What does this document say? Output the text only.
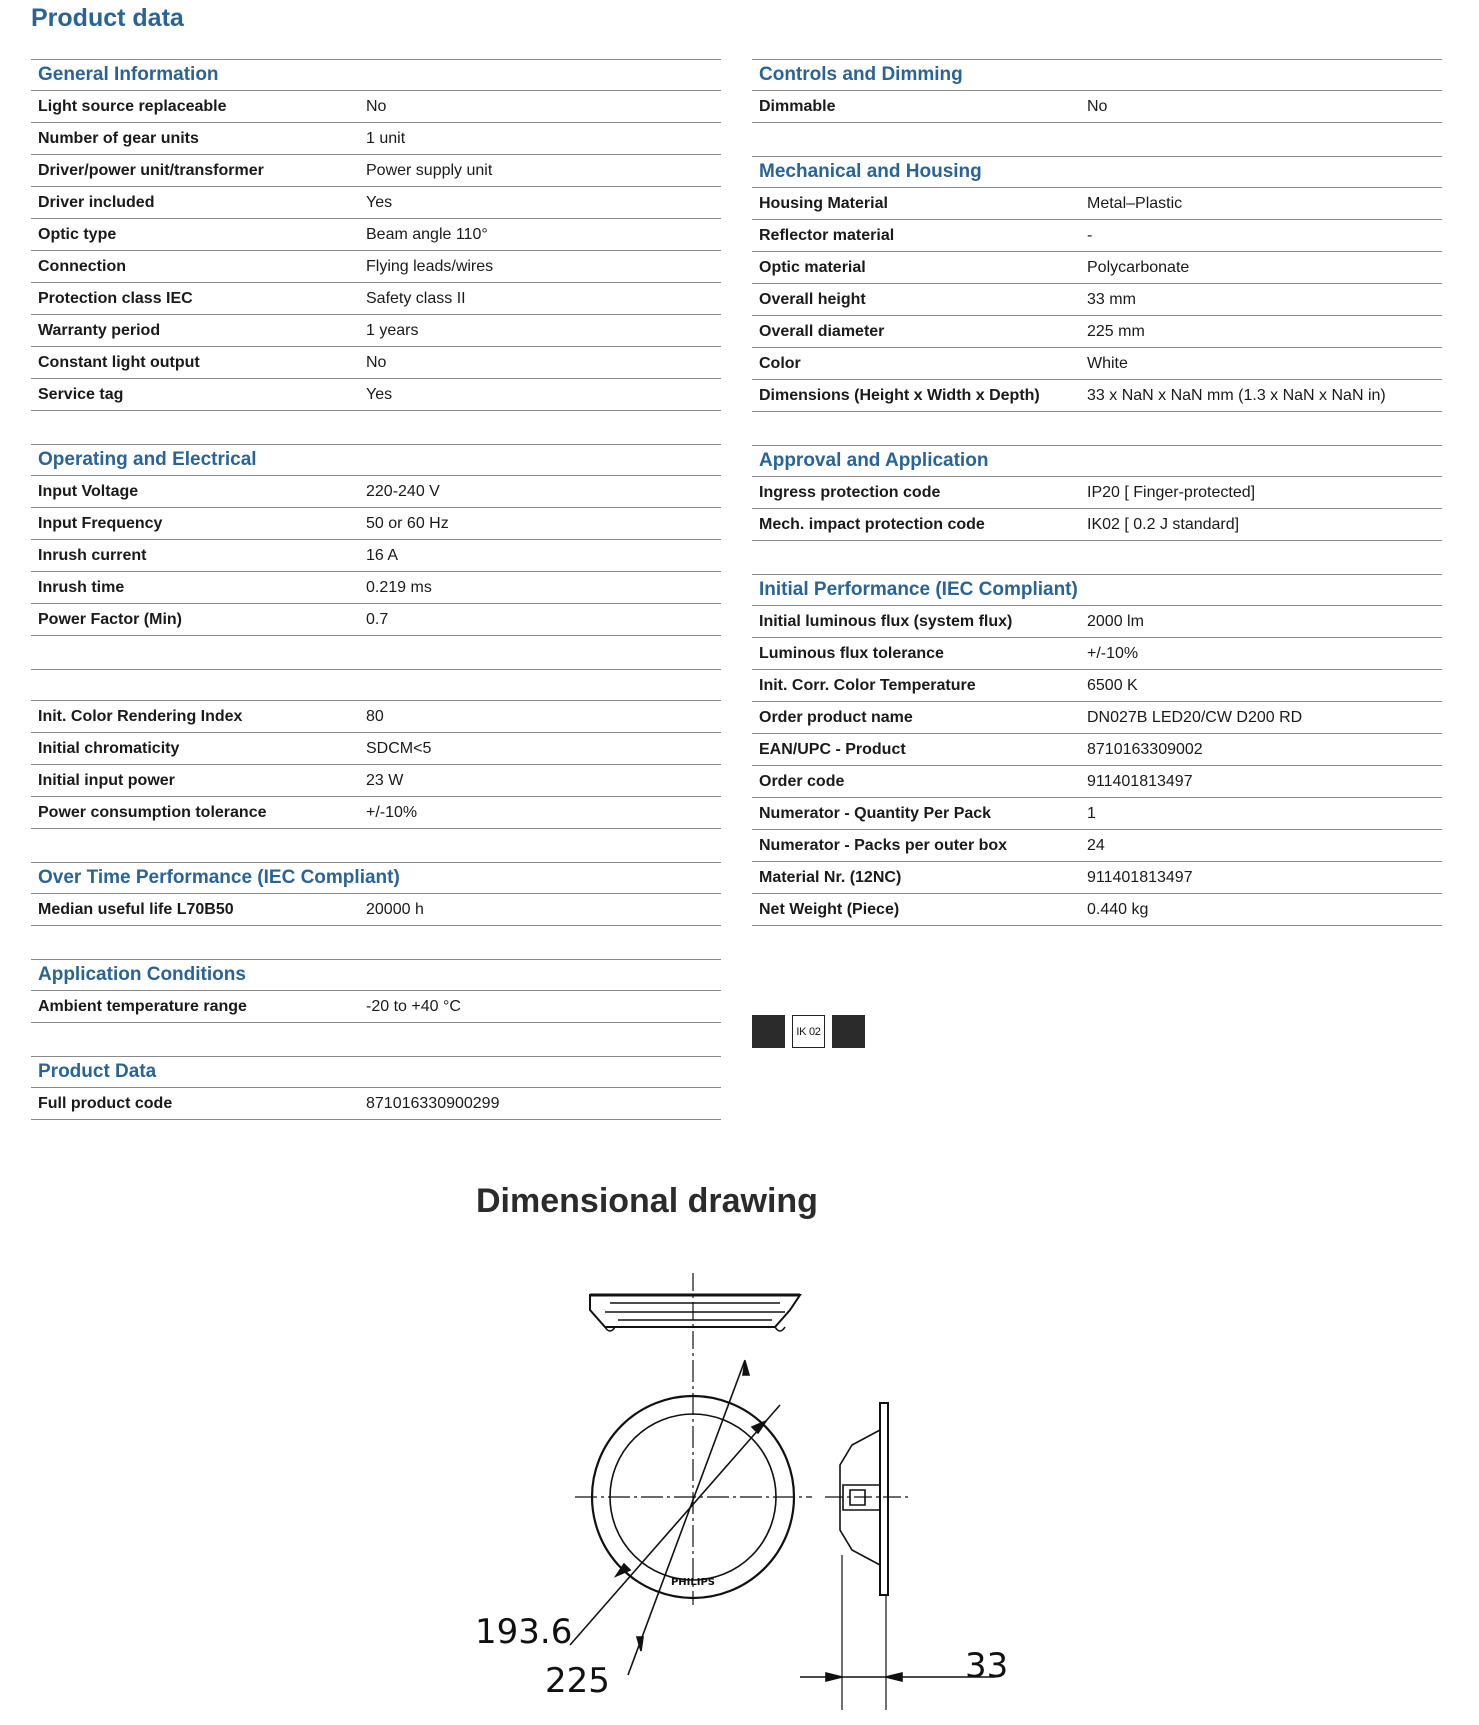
Product data
General Information
Light source replaceable	No
Number of gear units	1 unit
Driver/power unit/transformer	Power supply unit
Driver included	Yes
Optic type	Beam angle 110°
Connection	Flying leads/wires
Protection class IEC	Safety class II
Warranty period	1 years
Constant light output	No
Service tag	Yes
Operating and Electrical
Input Voltage	220-240 V
Input Frequency	50 or 60 Hz
Inrush current	16 A
Inrush time	0.219 ms
Power Factor (Min)	0.7
Init. Color Rendering Index	80
Initial chromaticity	SDCM<5
Initial input power	23 W
Power consumption tolerance	+/-10%
Over Time Performance (IEC Compliant)
Median useful life L70B50	20000 h
Application Conditions
Ambient temperature range	-20 to +40 °C
Product Data
Full product code	871016330900299
Controls and Dimming
Dimmable	No
Mechanical and Housing
Housing Material	Metal–Plastic
Reflector material	-
Optic material	Polycarbonate
Overall height	33 mm
Overall diameter	225 mm
Color	White
Dimensions (Height x Width x Depth)	33 x NaN x NaN mm (1.3 x NaN x NaN in)
Approval and Application
Ingress protection code	IP20 [ Finger-protected]
Mech. impact protection code	IK02 [ 0.2 J standard]
Initial Performance (IEC Compliant)
Initial luminous flux (system flux)	2000 lm
Luminous flux tolerance	+/-10%
Init. Corr. Color Temperature	6500 K
Order product name	DN027B LED20/CW D200 RD
EAN/UPC - Product	8710163309002
Order code	911401813497
Numerator - Quantity Per Pack	1
Numerator - Packs per outer box	24
Material Nr. (12NC)	911401813497
Net Weight (Piece)	0.440 kg
IK 02
Dimensional drawing
PHILIPS
193.6
225	33
